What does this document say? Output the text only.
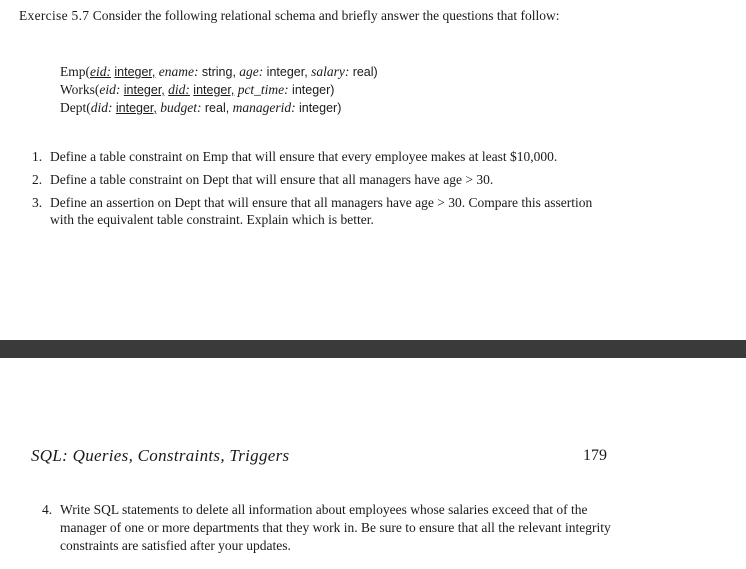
Exercise 5.7 Consider the following relational schema and briefly answer the questions that follow:
Emp(eid: integer, ename: string, age: integer, salary: real)
Works(eid: integer, did: integer, pct_time: integer)
Dept(did: integer, budget: real, managerid: integer)
1. Define a table constraint on Emp that will ensure that every employee makes at least $10,000.
2. Define a table constraint on Dept that will ensure that all managers have age > 30.
3. Define an assertion on Dept that will ensure that all managers have age > 30. Compare this assertion with the equivalent table constraint. Explain which is better.
SQL: Queries, Constraints, Triggers	179
4. Write SQL statements to delete all information about employees whose salaries exceed that of the manager of one or more departments that they work in. Be sure to ensure that all the relevant integrity constraints are satisfied after your updates.
